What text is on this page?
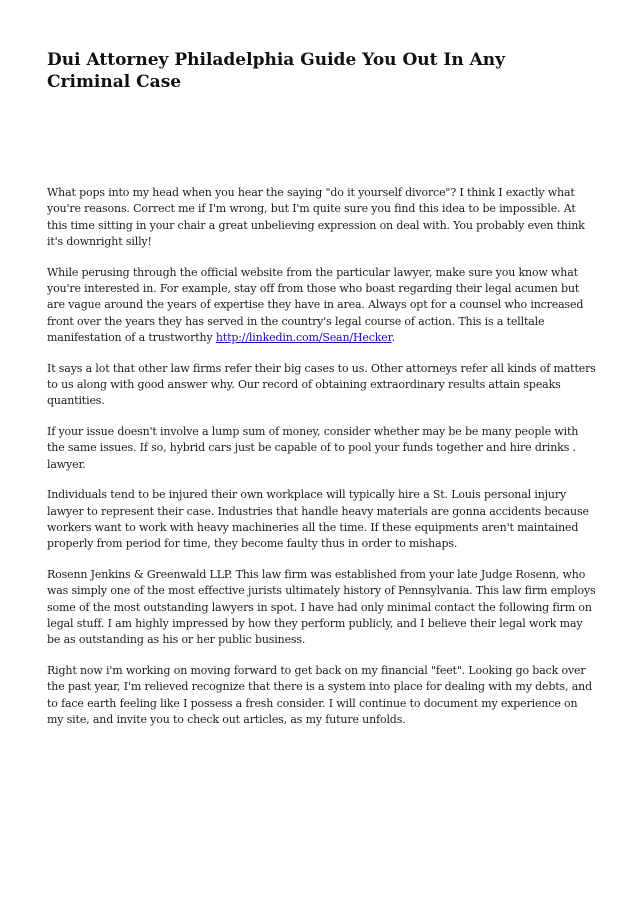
Dui Attorney Philadelphia Guide You Out In Any Criminal Case

What pops into my head when you hear the saying "do it yourself divorce"? I think I exactly what you're reasons. Correct me if I'm wrong, but I'm quite sure you find this idea to be impossible. At this time sitting in your chair a great unbelieving expression on deal with. You probably even think it's downright silly!

While perusing through the official website from the particular lawyer, make sure you know what you're interested in. For example, stay off from those who boast regarding their legal acumen but are vague around the years of expertise they have in area. Always opt for a counsel who increased front over the years they has served in the country's legal course of action. This is a telltale manifestation of a trustworthy http://linkedin.com/Sean/Hecker.

It says a lot that other law firms refer their big cases to us. Other attorneys refer all kinds of matters to us along with good answer why. Our record of obtaining extraordinary results attain speaks quantities.

If your issue doesn't involve a lump sum of money, consider whether may be be many people with the same issues. If so, hybrid cars just be capable of to pool your funds together and hire drinks . lawyer.

Individuals tend to be injured their own workplace will typically hire a St. Louis personal injury lawyer to represent their case. Industries that handle heavy materials are gonna accidents because workers want to work with heavy machineries all the time. If these equipments aren't maintained properly from period for time, they become faulty thus in order to mishaps.

Rosenn Jenkins & Greenwald LLP. This law firm was established from your late Judge Rosenn, who was simply one of the most effective jurists ultimately history of Pennsylvania. This law firm employs some of the most outstanding lawyers in spot. I have had only minimal contact the following firm on legal stuff. I am highly impressed by how they perform publicly, and I believe their legal work may be as outstanding as his or her public business.

Right now i'm working on moving forward to get back on my financial "feet". Looking go back over the past year, I'm relieved recognize that there is a system into place for dealing with my debts, and to face earth feeling like I possess a fresh consider. I will continue to document my experience on my site, and invite you to check out articles, as my future unfolds.
